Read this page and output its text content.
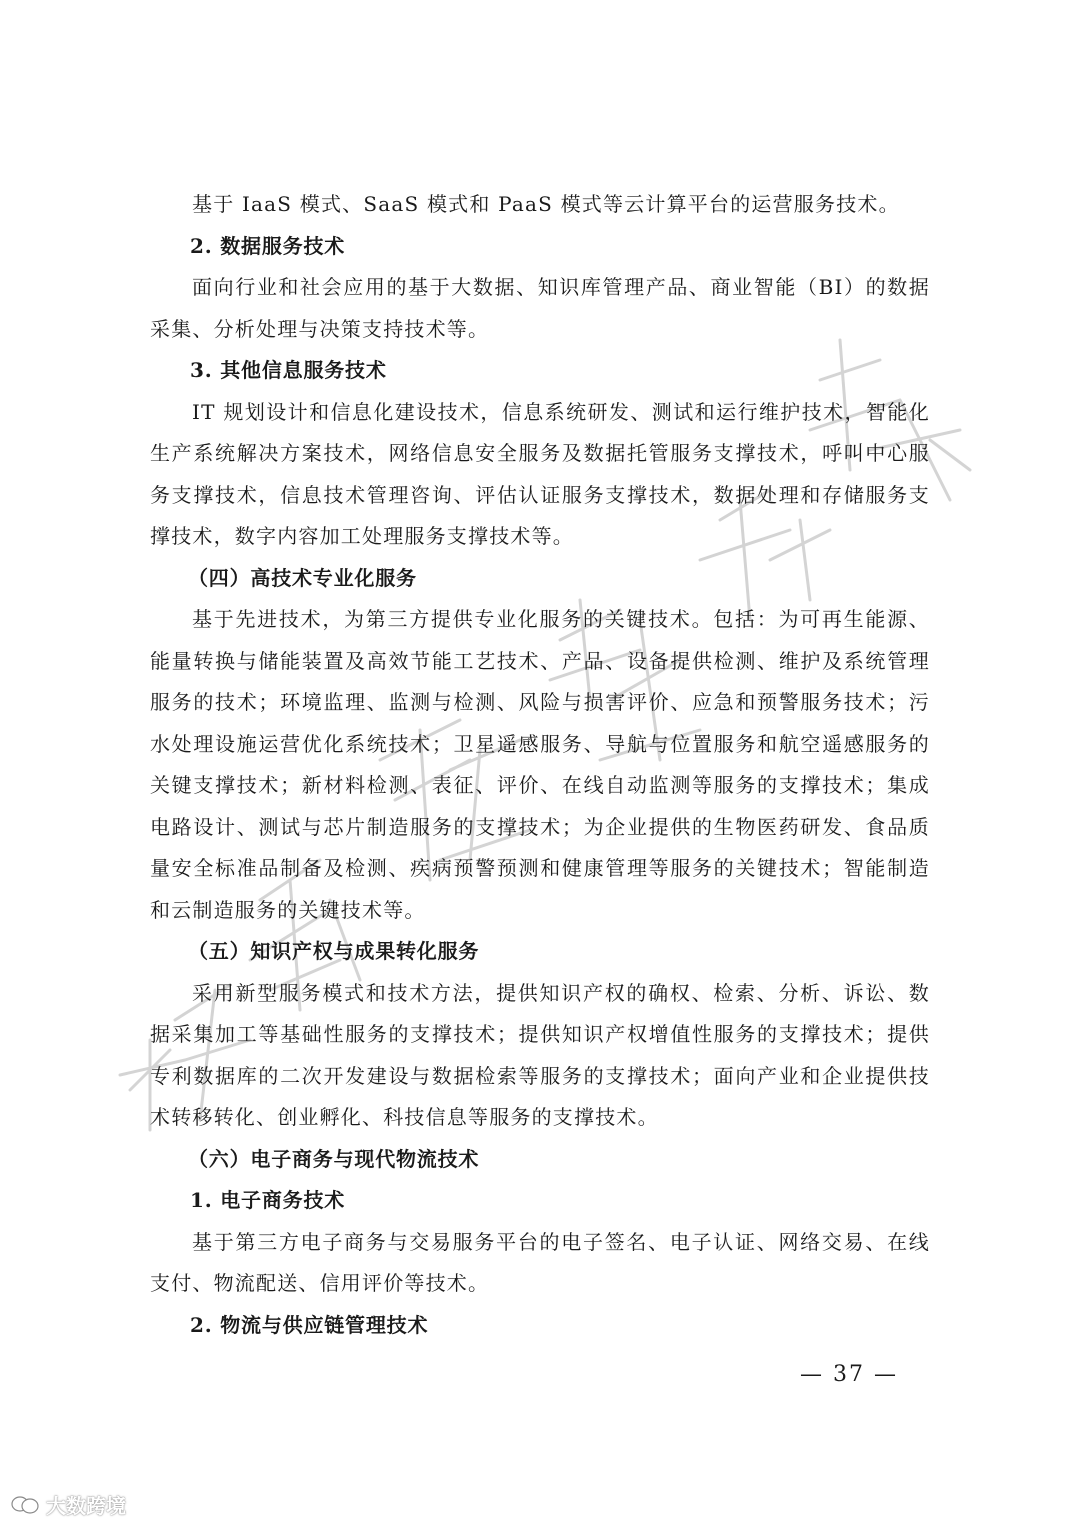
基于 IaaS 模式、SaaS 模式和 PaaS 模式等云计算平台的运营服务技术。

2. 数据服务技术

面向行业和社会应用的基于大数据、知识库管理产品、商业智能（BI）的数据采集、分析处理与决策支持技术等。

3. 其他信息服务技术

IT 规划设计和信息化建设技术，信息系统研发、测试和运行维护技术，智能化生产系统解决方案技术，网络信息安全服务及数据托管服务支撑技术，呼叫中心服务支撑技术，信息技术管理咨询、评估认证服务支撑技术，数据处理和存储服务支撑技术，数字内容加工处理服务支撑技术等。

（四）高技术专业化服务

基于先进技术，为第三方提供专业化服务的关键技术。包括：为可再生能源、能量转换与储能装置及高效节能工艺技术、产品、设备提供检测、维护及系统管理服务的技术；环境监理、监测与检测、风险与损害评价、应急和预警服务技术；污水处理设施运营优化系统技术；卫星遥感服务、导航与位置服务和航空遥感服务的关键支撑技术；新材料检测、表征、评价、在线自动监测等服务的支撑技术；集成电路设计、测试与芯片制造服务的支撑技术；为企业提供的生物医药研发、食品质量安全标准品制备及检测、疾病预警预测和健康管理等服务的关键技术；智能制造和云制造服务的关键技术等。

（五）知识产权与成果转化服务

采用新型服务模式和技术方法，提供知识产权的确权、检索、分析、诉讼、数据采集加工等基础性服务的支撑技术；提供知识产权增值性服务的支撑技术；提供专利数据库的二次开发建设与数据检索等服务的支撑技术；面向产业和企业提供技术转移转化、创业孵化、科技信息等服务的支撑技术。

（六）电子商务与现代物流技术

1. 电子商务技术

基于第三方电子商务与交易服务平台的电子签名、电子认证、网络交易、在线支付、物流配送、信用评价等技术。

2. 物流与供应链管理技术

— 37 —
大数跨境
